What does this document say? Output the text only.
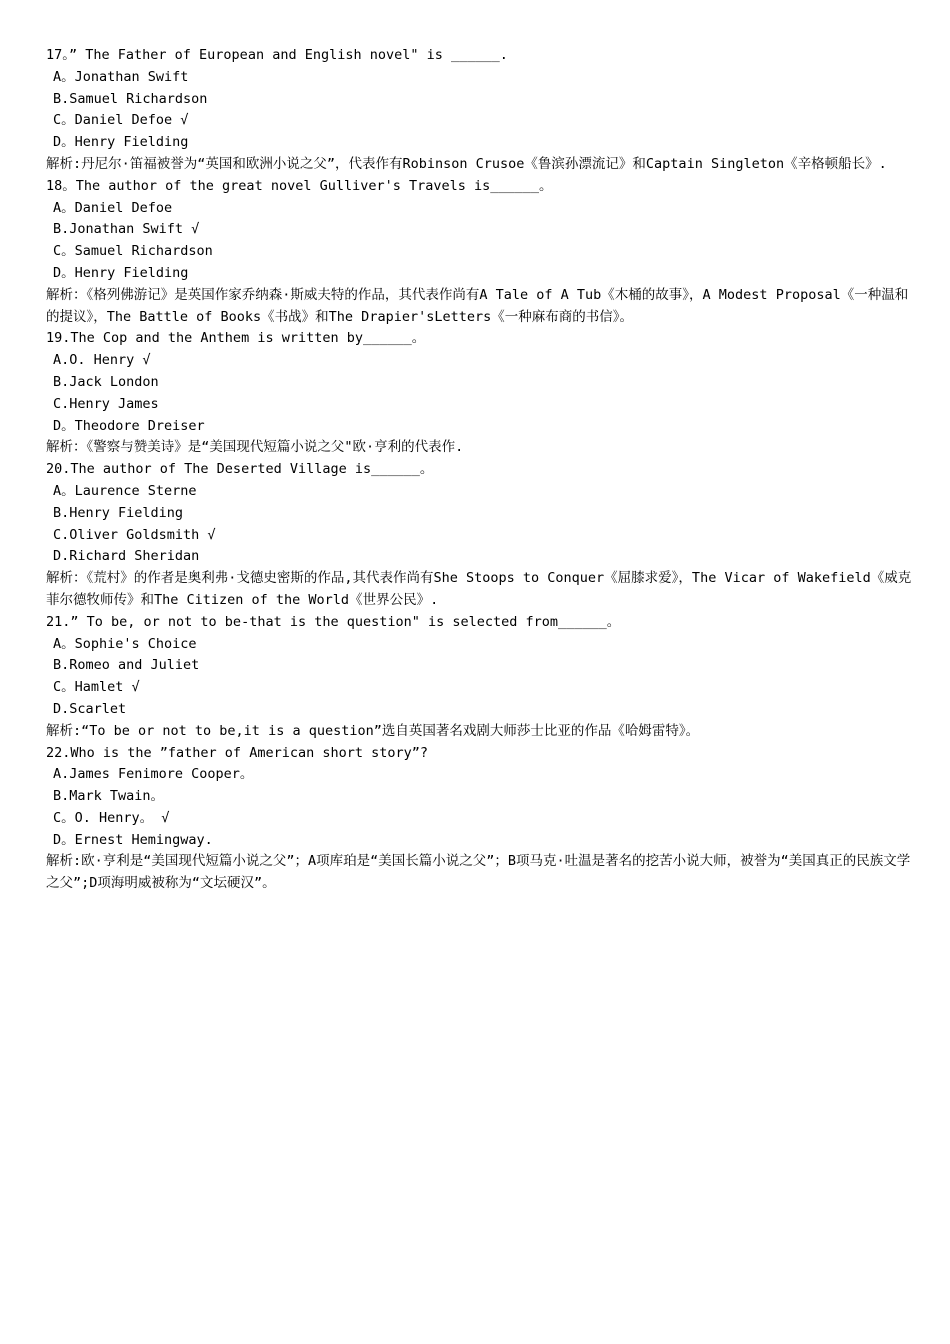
17。” The Father of European and English novel" is ______.
A。Jonathan Swift
B.Samuel Richardson
C。Daniel Defoe √
D。Henry Fielding
解析:丹尼尔·笛福被誉为“英国和欧洲小说之父”，代表作有Robinson Crusoe《鲁滨孙漂流记》和Captain Singleton《辛格顿船长》.
18。The author of the great novel Gulliver's Travels is______。
A。Daniel Defoe
B.Jonathan Swift √
C。Samuel Richardson
D。Henry Fielding
解析：《格列佛游记》是英国作家乔纳森·斯威夫特的作品，其代表作尚有A Tale of A Tub《木桶的故事》，A Modest Proposal《一种温和的提议》，The Battle of Books《书战》和The Drapier'sLetters《一种麻布商的书信》。
19.The Cop and the Anthem is written by______。
A.O. Henry √
B.Jack London
C.Henry James
D。Theodore Dreiser
解析：《警察与赞美诗》是“美国现代短篇小说之父"欧·亨利的代表作.
20.The author of The Deserted Village is______。
A。Laurence Sterne
B.Henry Fielding
C.Oliver Goldsmith √
D.Richard Sheridan
解析：《荒村》的作者是奥利弗·戈德史密斯的作品,其代表作尚有She Stoops to Conquer《屈膝求爱》，The Vicar of Wakefield《威克菲尔德牧师传》和The Citizen of the World《世界公民》.
21.” To be, or not to be-that is the question" is selected from______。
A。Sophie's Choice
B.Romeo and Juliet
C。Hamlet √
D.Scarlet
解析:“To be or not to be,it is a question”选自英国著名戏剧大师莎士比亚的作品《哈姆雷特》。
22.Who is the ”father of American short story”?
A.James Fenimore Cooper。
B.Mark Twain。
C。O. Henry。 √
D。Ernest Hemingway.
解析:欧·亨利是“美国现代短篇小说之父”；A项库珀是“美国长篇小说之父”；B项马克·吐温是著名的挖苦小说大师，被誉为“美国真正的民族文学之父”;D项海明威被称为“文坛硬汉”。
